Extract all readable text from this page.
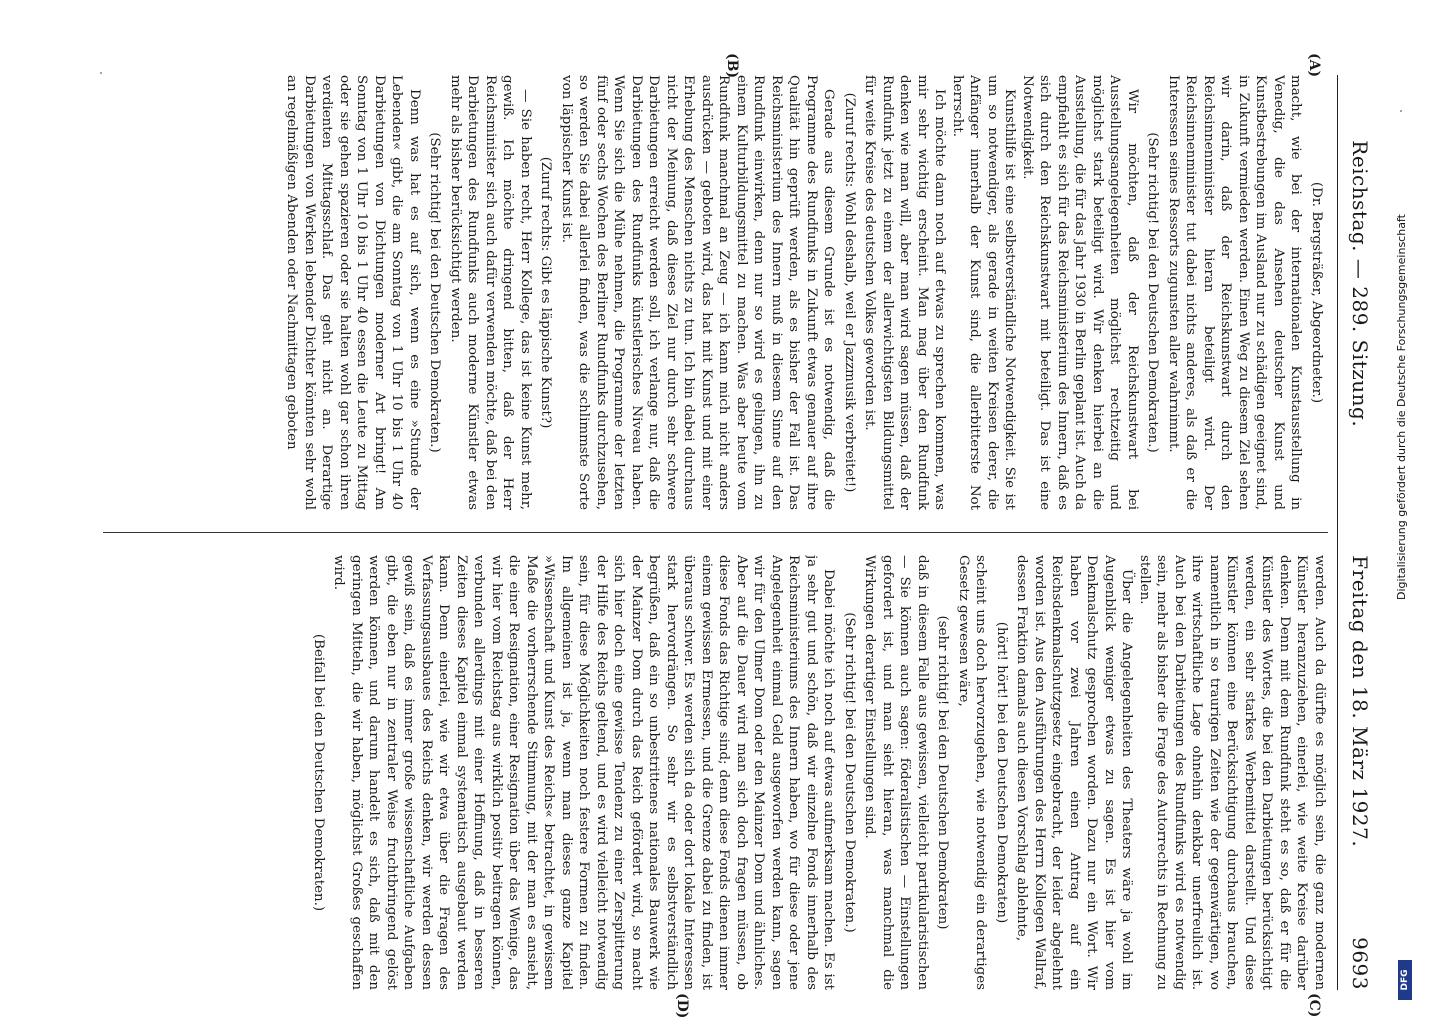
Reichstag. — 289. Sitzung.
Freitag den 18. März 1927.
9693
(A)
(B)
(C)
(D)

(Dr. Bergsträßer, Abgeordneter.)

macht, wie bei der internationalen Kunstausstellung in Venedig, die das Ansehen deutscher Kunst und Kunstbestrebungen im Ausland nur zu schädigen geeignet sind, in Zukunft vermieden werden. Einen Weg zu diesem Ziel sehen wir darin, daß der Reichskunstwart durch den Reichsinnenminister hieran beteiligt wird. Der Reichsinnenminister tut dabei nichts anderes, als daß er die Interessen seines Ressorts zugunsten aller wahrnimmt.

(Sehr richtig! bei den Deutschen Demokraten.)

Wir möchten, daß der Reichskunstwart bei Ausstellungsangelegenheiten möglichst rechtzeitig und möglichst stark beteiligt wird. Wir denken hierbei an die Ausstellung, die für das Jahr 1930 in Berlin geplant ist. Auch da empfiehlt es sich für das Reichsministerium des Innern, daß es sich durch den Reichskunstwart mit beteiligt. Das ist eine Notwendigkeit.

Kunsthilfe ist eine selbstverständliche Notwendigkeit. Sie ist um so notwendiger, als gerade in weiten Kreisen derer, die Anfänger innerhalb der Kunst sind, die allerbitterste Not herrscht.

Ich möchte dann noch auf etwas zu sprechen kommen, was mir sehr wichtig erscheint. Man mag über den Rundfunk denken wie man will, aber man wird sagen müssen, daß der Rundfunk jetzt zu einem der allerwichtigsten Bildungsmittel für weite Kreise des deutschen Volkes geworden ist.

(Zuruf rechts: Wohl deshalb, weil er Jazzmusik verbreitet!)

Gerade aus diesem Grunde ist es notwendig, daß die Programme des Rundfunks in Zukunft etwas genauer auf ihre Qualität hin geprüft werden, als es bisher der Fall ist. Das Reichsministerium des Innern muß in diesem Sinne auf den Rundfunk einwirken, denn nur so wird es gelingen, ihn zu einem Kulturbildungsmittel zu machen. Was aber heute vom Rundfunk manchmal an Zeug — ich kann mich nicht anders ausdrücken — geboten wird, das hat mit Kunst und mit einer Erhebung des Menschen nichts zu tun. Ich bin dabei durchaus nicht der Meinung, daß dieses Ziel nur durch sehr schwere Darbietungen erreicht werden soll, ich verlange nur, daß die Darbietungen des Rundfunks künstlerisches Niveau haben. Wenn Sie sich die Mühe nehmen, die Programme der letzten fünf oder sechs Wochen des Berliner Rundfunks durchzusehen, so werden Sie dabei allerlei finden, was die schlimmste Sorte von läppischer Kunst ist.

(Zuruf rechts: Gibt es läppische Kunst?)

— Sie haben recht, Herr Kollege, das ist keine Kunst mehr, gewiß. Ich möchte dringend bitten, daß der Herr Reichsminister sich auch dafür verwenden möchte, daß bei den Darbietungen des Rundfunks auch moderne Künstler etwas mehr als bisher berücksichtigt werden.

(Sehr richtig! bei den Deutschen Demokraten.)

Denn was hat es auf sich, wenn es eine »Stunde der Lebenden« gibt, die am Sonntag von 1 Uhr 10 bis 1 Uhr 40 Darbietungen von Dichtungen moderner Art bringt! Am Sonntag von 1 Uhr 10 bis 1 Uhr 40 essen die Leute zu Mittag oder sie gehen spazieren oder sie halten wohl gar schon ihren verdienten Mittagsschlaf. Das geht nicht an. Derartige Darbietungen von Werken lebender Dichter könnten sehr wohl an regelmäßigen Abenden oder Nachmittagen geboten

werden. Auch da dürfte es möglich sein, die ganz modernen Künstler heranzuziehen, einerlei, wie weite Kreise darüber denken. Denn mit dem Rundfunk steht es so, daß er für die Künstler des Wortes, die bei den Darbietungen berücksichtigt werden, ein sehr starkes Werbemittel darstellt. Und diese Künstler können eine Berücksichtigung durchaus brauchen, namentlich in so traurigen Zeiten wie der gegenwärtigen, wo ihre wirtschaftliche Lage ohnehin denkbar unerfreulich ist. Auch bei den Darbietungen des Rundfunks wird es notwendig sein, mehr als bisher die Frage des Autorrechts in Rechnung zu stellen.

Über die Angelegenheiten des Theaters wäre ja wohl im Augenblick weniger etwas zu sagen. Es ist hier vom Denkmalschutz gesprochen worden. Dazu nur ein Wort. Wir haben vor zwei Jahren einen Antrag auf ein Reichsdenkmalschutzgesetz eingebracht, der leider abgelehnt worden ist. Aus den Ausführungen des Herrn Kollegen Wallraf, dessen Fraktion damals auch diesen Vorschlag ablehnte,

(hört! hört! bei den Deutschen Demokraten)

scheint uns doch hervorzugehen, wie notwendig ein derartiges Gesetz gewesen wäre,

(sehr richtig! bei den Deutschen Demokraten)

daß in diesem Falle aus gewissen, vielleicht partikularistischen — Sie können auch sagen: föderalistischen — Einstellungen gefordert ist, und man sieht hieran, was manchmal die Wirkungen derartiger Einstellungen sind.

(Sehr richtig! bei den Deutschen Demokraten.)

Dabei möchte ich noch auf etwas aufmerksam machen. Es ist ja sehr gut und schön, daß wir einzelne Fonds innerhalb des Reichsministeriums des Innern haben, wo für diese oder jene Angelegenheit einmal Geld ausgeworfen werden kann, sagen wir für den Ulmer Dom oder den Mainzer Dom und ähnliches. Aber auf die Dauer wird man sich doch fragen müssen, ob diese Fonds das Richtige sind; denn diese Fonds dienen immer einem gewissen Ermessen, und die Grenze dabei zu finden, ist überaus schwer. Es werden sich da oder dort lokale Interessen stark hervordrängen. So sehr wir es selbstverständlich begrüßen, daß ein so unbestrittenes nationales Bauwerk wie der Mainzer Dom durch das Reich gefördert wird, so macht sich hier doch eine gewisse Tendenz zu einer Zersplitterung der Hilfe des Reichs geltend, und es wird vielleicht notwendig sein, für diese Möglichkeiten noch festere Formen zu finden. Im allgemeinen ist ja, wenn man dieses ganze Kapitel »Wissenschaft und Kunst des Reichs« betrachtet, in gewissem Maße die vorherrschende Stimmung, mit der man es ansieht, die einer Resignation, einer Resignation über das Wenige, das wir hier vom Reichstag aus wirklich positiv beitragen können, verbunden allerdings mit einer Hoffnung, daß in besseren Zeiten dieses Kapitel einmal systematisch ausgebaut werden kann. Denn einerlei, wie wir etwa über die Fragen des Verfassungsausbaues des Reichs denken, wir werden dessen gewiß sein, daß es immer große wissenschaftliche Aufgaben gibt, die eben nur in zentraler Weise fruchtbringend gelöst werden können, und darum handelt es sich, daß mit den geringen Mitteln, die wir haben, möglichst Großes geschaffen wird.

(Beifall bei den Deutschen Demokraten.)

Digitalisierung gefördert durch die Deutsche Forschungsgemeinschaft
DFG
